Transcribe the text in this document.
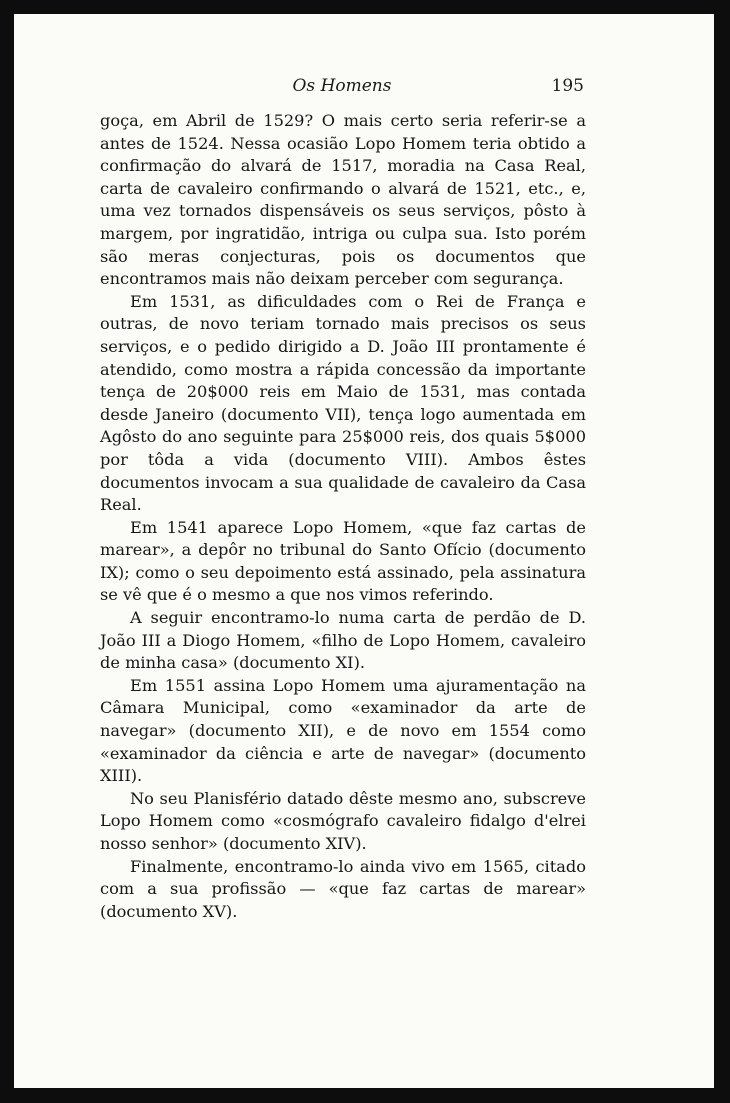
Os Homens	195

goça, em Abril de 1529? O mais certo seria referir-se a antes de 1524. Nessa ocasião Lopo Homem teria obtido a confirmação do alvará de 1517, moradia na Casa Real, carta de cavaleiro confirmando o alvará de 1521, etc., e, uma vez tornados dispensáveis os seus serviços, pôsto à margem, por ingratidão, intriga ou culpa sua. Isto porém são meras conjecturas, pois os documentos que encontramos mais não deixam perceber com segurança.

Em 1531, as dificuldades com o Rei de França e outras, de novo teriam tornado mais precisos os seus serviços, e o pedido dirigido a D. João III prontamente é atendido, como mostra a rápida concessão da importante tença de 20$000 reis em Maio de 1531, mas contada desde Janeiro (documento VII), tença logo aumentada em Agôsto do ano seguinte para 25$000 reis, dos quais 5$000 por tôda a vida (documento VIII). Ambos êstes documentos invocam a sua qualidade de cavaleiro da Casa Real.

Em 1541 aparece Lopo Homem, «que faz cartas de marear», a depôr no tribunal do Santo Ofício (documento IX); como o seu depoimento está assinado, pela assinatura se vê que é o mesmo a que nos vimos referindo.

A seguir encontramo-lo numa carta de perdão de D. João III a Diogo Homem, «filho de Lopo Homem, cavaleiro de minha casa» (documento XI).

Em 1551 assina Lopo Homem uma ajuramentação na Câmara Municipal, como «examinador da arte de navegar» (documento XII), e de novo em 1554 como «examinador da ciência e arte de navegar» (documento XIII).

No seu Planisfério datado dêste mesmo ano, subscreve Lopo Homem como «cosmógrafo cavaleiro fidalgo d'elrei nosso senhor» (documento XIV).

Finalmente, encontramo-lo ainda vivo em 1565, citado com a sua profissão — «que faz cartas de marear» (documento XV).
